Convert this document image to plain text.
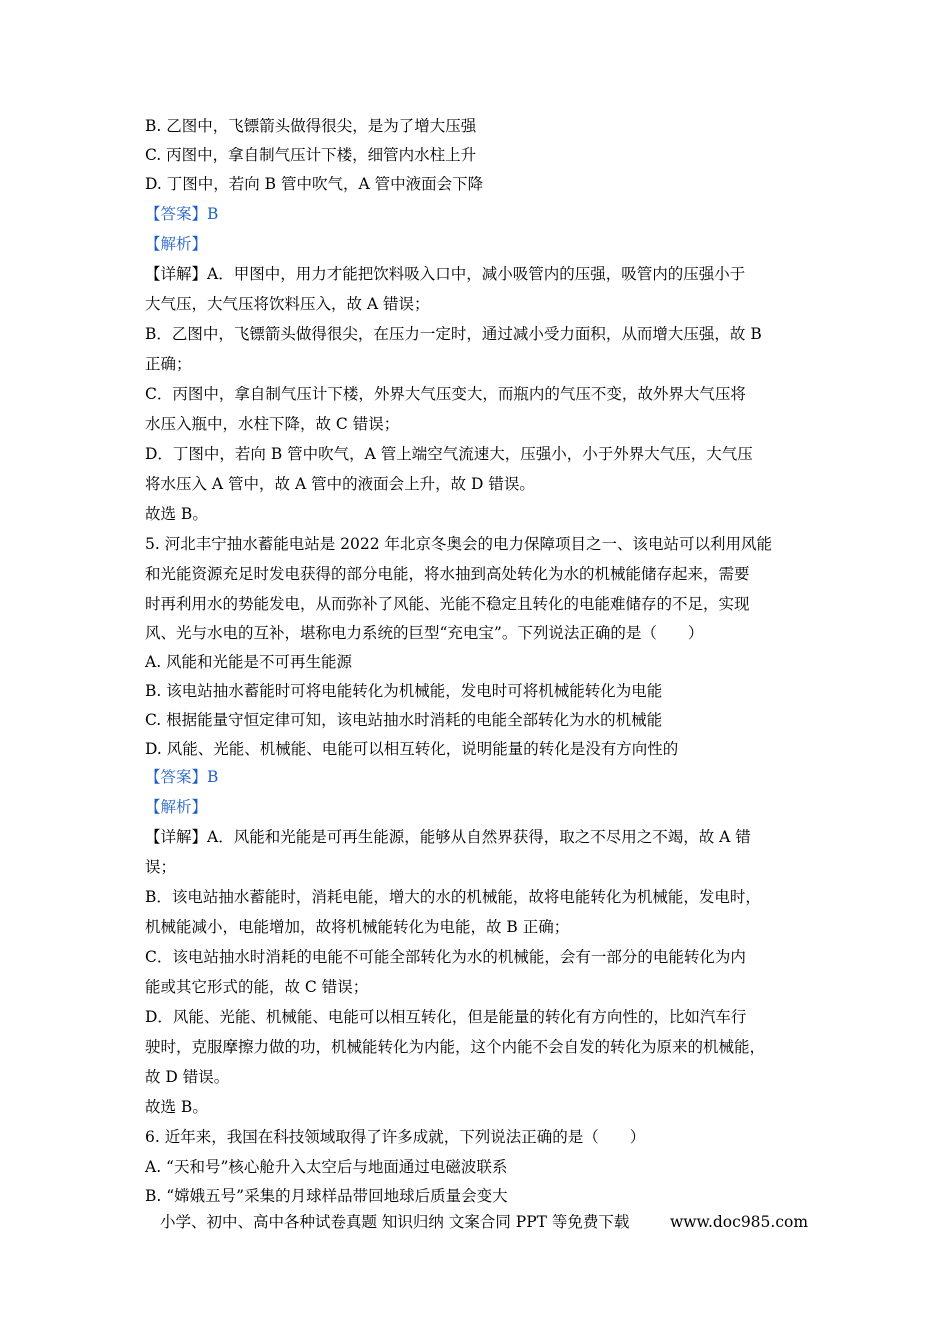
B. 乙图中，飞镖箭头做得很尖，是为了增大压强
C. 丙图中，拿自制气压计下楼，细管内水柱上升
D. 丁图中，若向 B 管中吹气，A 管中液面会下降
【答案】B
【解析】
【详解】A．甲图中，用力才能把饮料吸入口中，减小吸管内的压强，吸管内的压强小于
大气压，大气压将饮料压入，故 A 错误；
B．乙图中，飞镖箭头做得很尖，在压力一定时，通过减小受力面积，从而增大压强，故 B
正确；
C．丙图中，拿自制气压计下楼，外界大气压变大，而瓶内的气压不变，故外界大气压将
水压入瓶中，水柱下降，故 C 错误；
D．丁图中，若向 B 管中吹气，A 管上端空气流速大，压强小，小于外界大气压，大气压
将水压入 A 管中，故 A 管中的液面会上升，故 D 错误。
故选 B。
5. 河北丰宁抽水蓄能电站是 2022 年北京冬奥会的电力保障项目之一、该电站可以利用风能
和光能资源充足时发电获得的部分电能，将水抽到高处转化为水的机械能储存起来，需要
时再利用水的势能发电，从而弥补了风能、光能不稳定且转化的电能难储存的不足，实现
风、光与水电的互补，堪称电力系统的巨型“充电宝”。下列说法正确的是（　　）
A. 风能和光能是不可再生能源
B. 该电站抽水蓄能时可将电能转化为机械能，发电时可将机械能转化为电能
C. 根据能量守恒定律可知，该电站抽水时消耗的电能全部转化为水的机械能
D. 风能、光能、机械能、电能可以相互转化，说明能量的转化是没有方向性的
【答案】B
【解析】
【详解】A．风能和光能是可再生能源，能够从自然界获得，取之不尽用之不竭，故 A 错
误；
B．该电站抽水蓄能时，消耗电能，增大的水的机械能，故将电能转化为机械能，发电时，
机械能减小，电能增加，故将机械能转化为电能，故 B 正确；
C．该电站抽水时消耗的电能不可能全部转化为水的机械能，会有一部分的电能转化为内
能或其它形式的能，故 C 错误；
D．风能、光能、机械能、电能可以相互转化，但是能量的转化有方向性的，比如汽车行
驶时，克服摩擦力做的功，机械能转化为内能，这个内能不会自发的转化为原来的机械能，
故 D 错误。
故选 B。
6. 近年来，我国在科技领域取得了许多成就，下列说法正确的是（　　）
A. “天和号”核心舱升入太空后与地面通过电磁波联系
B. “嫦娥五号”采集的月球样品带回地球后质量会变大
小学、初中、高中各种试卷真题 知识归纳 文案合同 PPT 等免费下载	www.doc985.com
